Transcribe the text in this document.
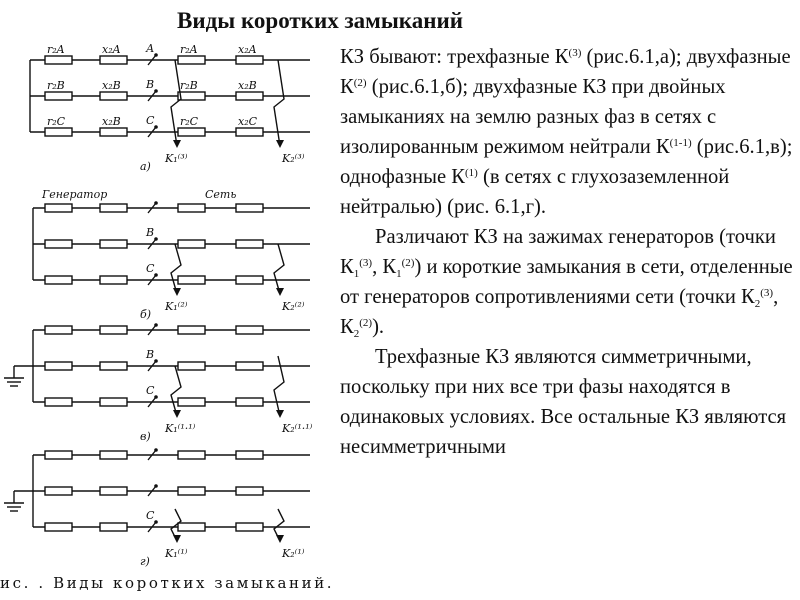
Виды коротких замыканий
r₂A	x₂A	r₂A	x₂A
А
r₂B	x₂B	r₂B	x₂B
В
r₂C	x₂B	r₂C	x₂C
С
K₁⁽³⁾	K₂⁽³⁾
а)
В
С
K₁⁽²⁾	K₂⁽²⁾
б)
Генератор	Сеть
В
С
K₁⁽¹·¹⁾	K₂⁽¹·¹⁾
в)
С
K₁⁽¹⁾	K₂⁽¹⁾
г)
ис. . Виды коротких замыканий.

КЗ бывают: трехфазные $К^{(3)}$ (рис.6.1,а); двухфазные $К^{(2)}$ (рис.6.1,б); двухфазные КЗ при двойных замыканиях на землю разных фаз в сетях с изолированным режимом нейтрали $К^{(1-1)}$ (рис.6.1,в); однофазные $К^{(1)}$ (в сетях с глухозаземленной нейтралью) (рис. 6.1,г).

Различают КЗ на зажимах генераторов (точки $К_1^{(3)}$, $К_1^{(2)}$) и короткие замыкания в сети, отделенные от генераторов сопротивлениями сети (точки $К_2^{(3)}$, $К_2^{(2)}$).

Трехфазные КЗ являются симметричными, поскольку при них все три фазы находятся в одинаковых условиях. Все остальные КЗ являются несимметричными
